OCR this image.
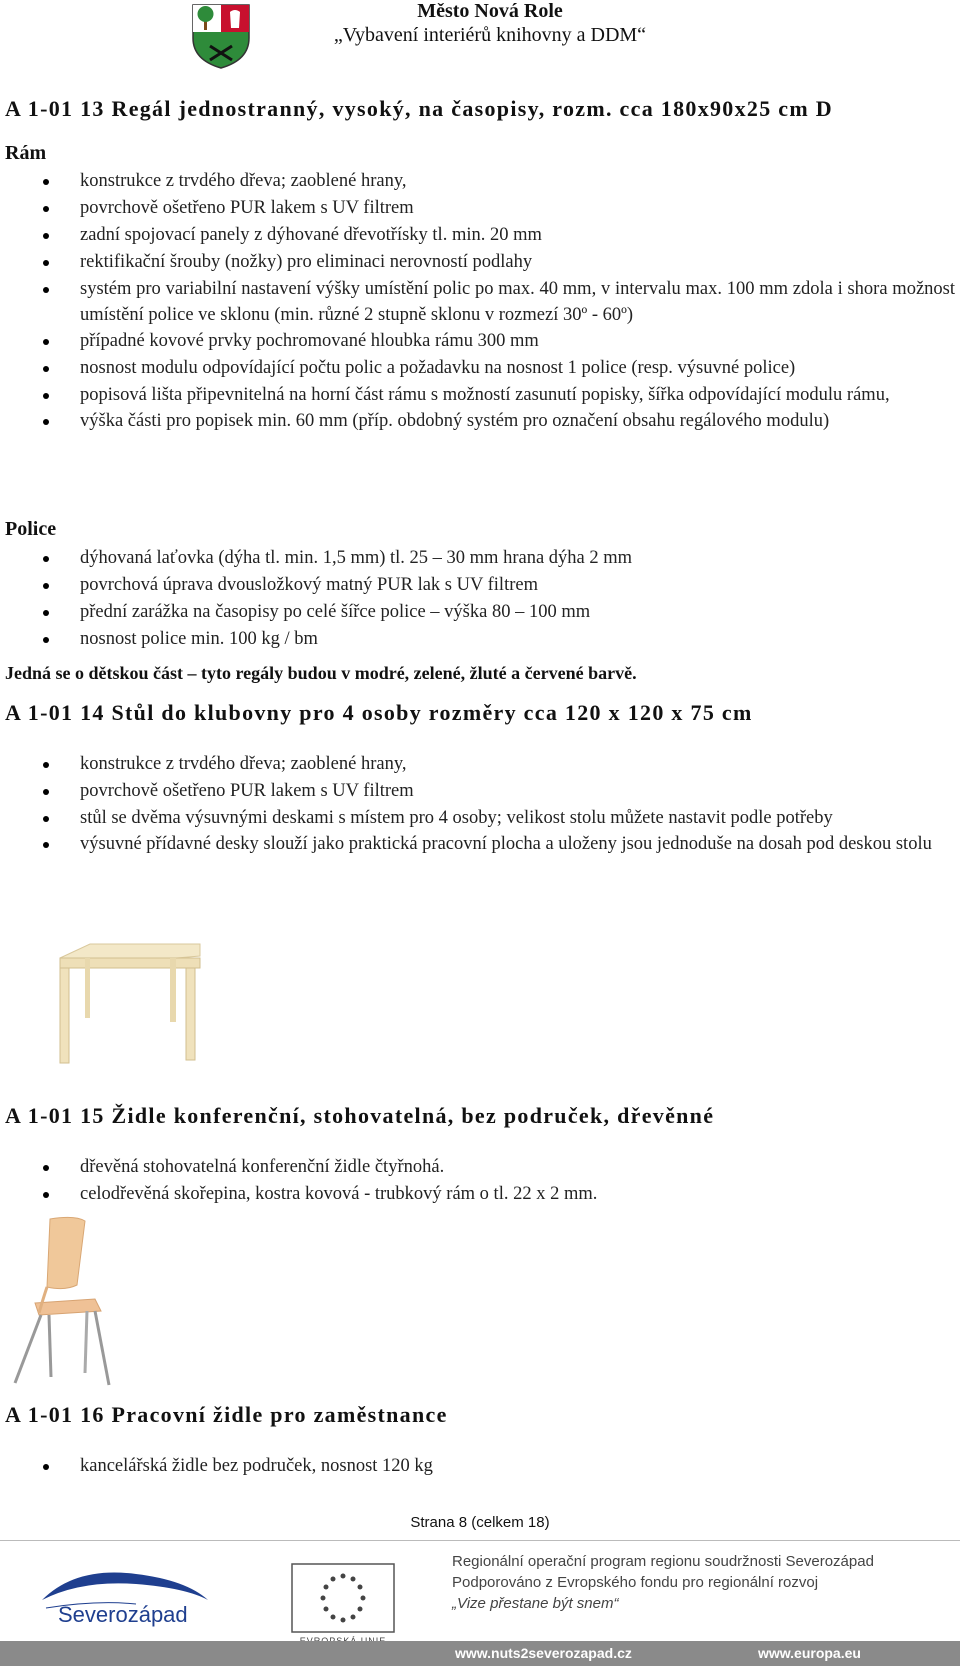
Město Nová Role
„Vybavení interiérů knihovny a DDM“
A 1-01 13 Regál jednostranný, vysoký, na časopisy, rozm. cca 180x90x25 cm D
Rám
konstrukce z trvdého dřeva; zaoblené hrany,
povrchově ošetřeno PUR lakem s UV filtrem
zadní spojovací panely z dýhované dřevotřísky tl. min. 20 mm
rektifikační šrouby (nožky) pro eliminaci nerovností podlahy
systém pro variabilní nastavení výšky umístění polic po max. 40 mm, v intervalu max. 100 mm zdola i shora možnost umístění police ve sklonu (min. různé 2 stupně sklonu v rozmezí 30º - 60º)
případné kovové prvky pochromované hloubka rámu 300 mm
nosnost modulu odpovídající počtu polic a požadavku na nosnost 1 police (resp. výsuvné police)
popisová lišta připevnitelná na horní část rámu s možností zasunutí popisky, šířka odpovídající modulu rámu,
výška části pro popisek min. 60 mm (příp. obdobný systém pro označení obsahu regálového modulu)
Police
dýhovaná laťovka (dýha tl. min. 1,5 mm) tl. 25 – 30 mm hrana dýha 2 mm
povrchová úprava dvousložkový matný PUR lak s UV filtrem
přední zarážka na časopisy po celé šířce police – výška 80 – 100 mm
nosnost police min. 100 kg / bm
Jedná se o dětskou část – tyto regály budou v modré, zelené, žluté a červené barvě.
A 1-01 14 Stůl do klubovny pro 4 osoby rozměry cca 120 x 120 x 75 cm
konstrukce z trvdého dřeva; zaoblené hrany,
povrchově ošetřeno PUR lakem s UV filtrem
stůl se dvěma výsuvnými deskami s místem pro 4 osoby; velikost stolu můžete nastavit podle potřeby
výsuvné přídavné desky slouží jako praktická pracovní plocha a uloženy jsou jednoduše na dosah pod deskou stolu
A 1-01 15 Židle konferenční, stohovatelná, bez područek, dřevěnné
dřevěná stohovatelná konferenční židle čtyřnohá.
celodřevěná skořepina, kostra kovová - trubkový rám o tl. 22 x 2 mm.
A 1-01 16 Pracovní židle pro zaměstnance
kancelářská židle bez područek, nosnost 120 kg
Strana 8 (celkem 18)
Severozápad
Regionální operační program regionu soudržnosti Severozápad
Podporováno z Evropského fondu pro regionální rozvoj
„Vize přestane být snem“
www.nuts2severozapad.cz	www.europa.eu
